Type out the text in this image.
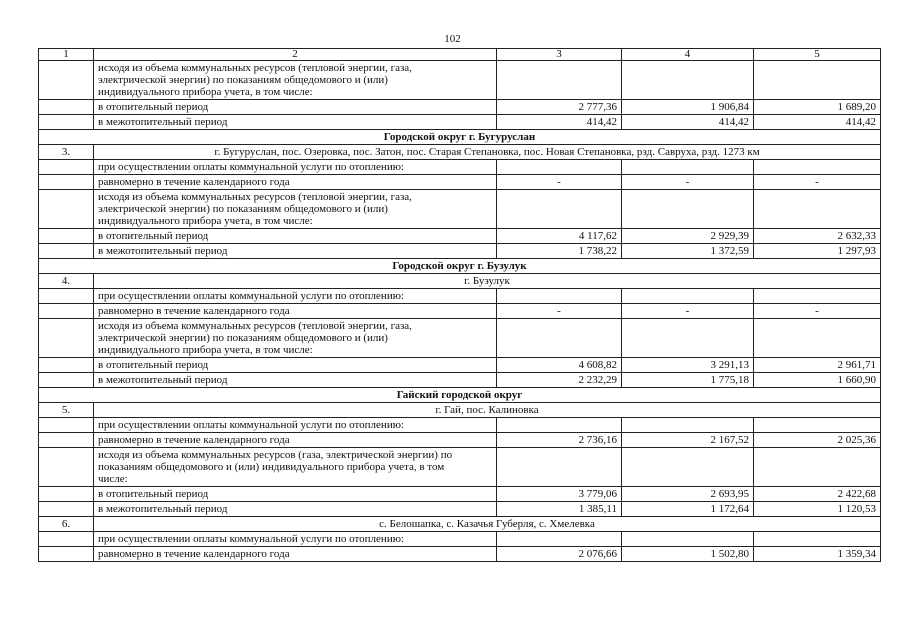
102
1	2	3	4	5

	исходя из объема коммунальных ресурсов (тепловой энергии, газа, электрической энергии) по показаниям общедомового и (или) индивидуального прибора учета, в том числе:			

	в отопительный период	2 777,36	1 906,84	1 689,20

	в межотопительный период	414,42	414,42	414,42
Городской округ г. Бугуруслан				
3.	г. Бугуруслан, пос. Озеровка, пос. Затон, пос. Старая Степановка, пос. Новая Степановка, рзд. Савруха, рзд. 1273 км			
	при осуществлении оплаты коммунальной услуги по отоплению:			

	равномерно в течение календарного года	-	-	-

	исходя из объема коммунальных ресурсов (тепловой энергии, газа, электрической энергии) по показаниям общедомового и (или) индивидуального прибора учета, в том числе:			

	в отопительный период	4 117,62	2 929,39	2 632,33

	в межотопительный период	1 738,22	1 372,59	1 297,93
Городской округ г. Бузулук				
4.	г. Бузулук			
	при осуществлении оплаты коммунальной услуги по отоплению:			

	равномерно в течение календарного года	-	-	-

	исходя из объема коммунальных ресурсов (тепловой энергии, газа, электрической энергии) по показаниям общедомового и (или) индивидуального прибора учета, в том числе:			

	в отопительный период	4 608,82	3 291,13	2 961,71

	в межотопительный период	2 232,29	1 775,18	1 660,90
Гайский городской округ				
5.	г. Гай, пос. Калиновка			
	при осуществлении оплаты коммунальной услуги по отоплению:			

	равномерно в течение календарного года	2 736,16	2 167,52	2 025,36

	исходя из объема коммунальных ресурсов (газа, электрической энергии) по показаниям общедомового и (или) индивидуального прибора учета, в том числе:			

	в отопительный период	3 779,06	2 693,95	2 422,68

	в межотопительный период	1 385,11	1 172,64	1 120,53
6.	с. Белошапка, с. Казачья Губерля, с. Хмелевка			
	при осуществлении оплаты коммунальной услуги по отоплению:			

	равномерно в течение календарного года	2 076,66	1 502,80	1 359,34
